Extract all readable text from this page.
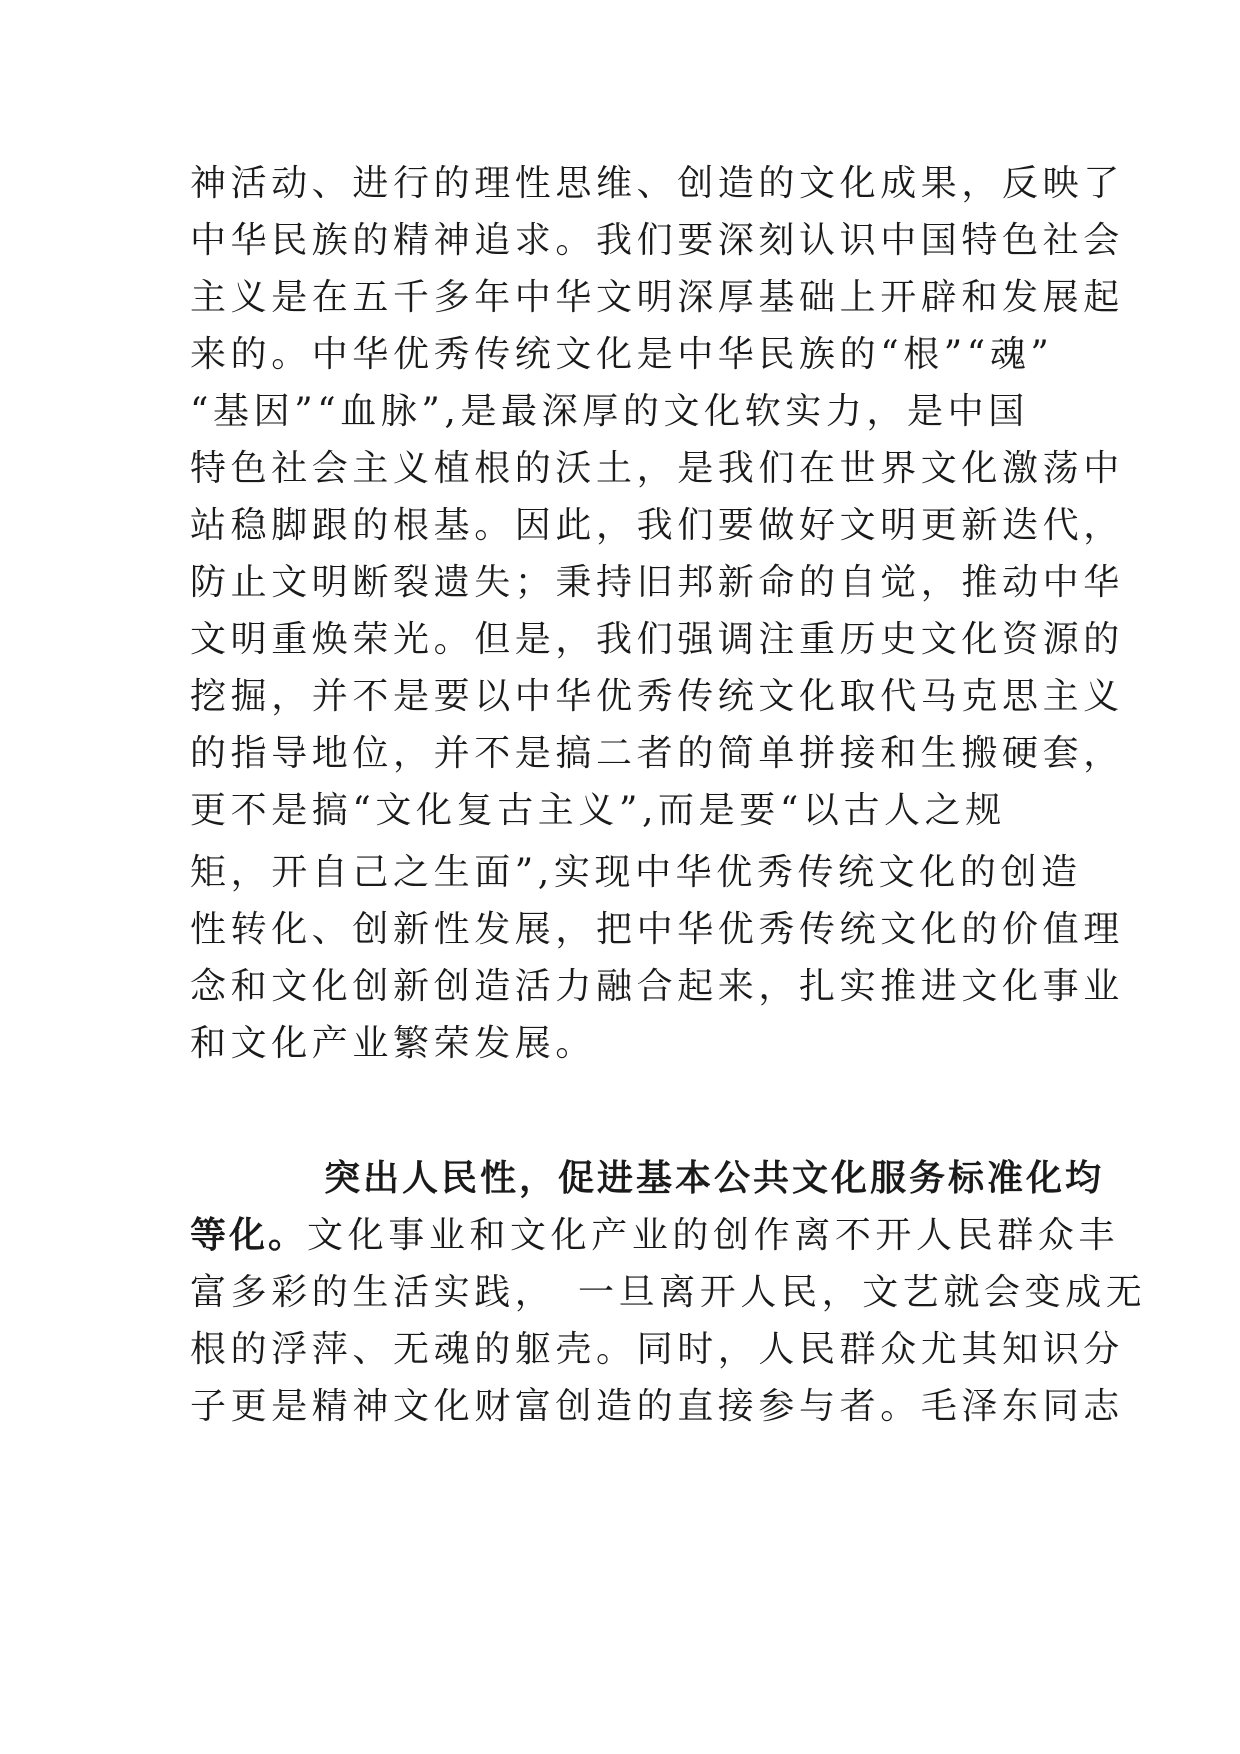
神活动、进行的理性思维、创造的文化成果，反映了
中华民族的精神追求。我们要深刻认识中国特色社会
主义是在五千多年中华文明深厚基础上开辟和发展起
来的。中华优秀传统文化是中华民族的“根”“魂”
“基因”“血脉”,是最深厚的文化软实力，是中国
特色社会主义植根的沃土，是我们在世界文化激荡中
站稳脚跟的根基。因此，我们要做好文明更新迭代，
防止文明断裂遗失；秉持旧邦新命的自觉，推动中华
文明重焕荣光。但是，我们强调注重历史文化资源的
挖掘，并不是要以中华优秀传统文化取代马克思主义
的指导地位，并不是搞二者的简单拼接和生搬硬套，
更不是搞“文化复古主义”,而是要“以古人之规
矩，开自己之生面”,实现中华优秀传统文化的创造
性转化、创新性发展，把中华优秀传统文化的价值理
念和文化创新创造活力融合起来，扎实推进文化事业
和文化产业繁荣发展。
突出人民性，促进基本公共文化服务标准化均
等化。文化事业和文化产业的创作离不开人民群众丰
富多彩的生活实践，　一旦离开人民，文艺就会变成无
根的浮萍、无魂的躯壳。同时，人民群众尤其知识分
子更是精神文化财富创造的直接参与者。毛泽东同志
